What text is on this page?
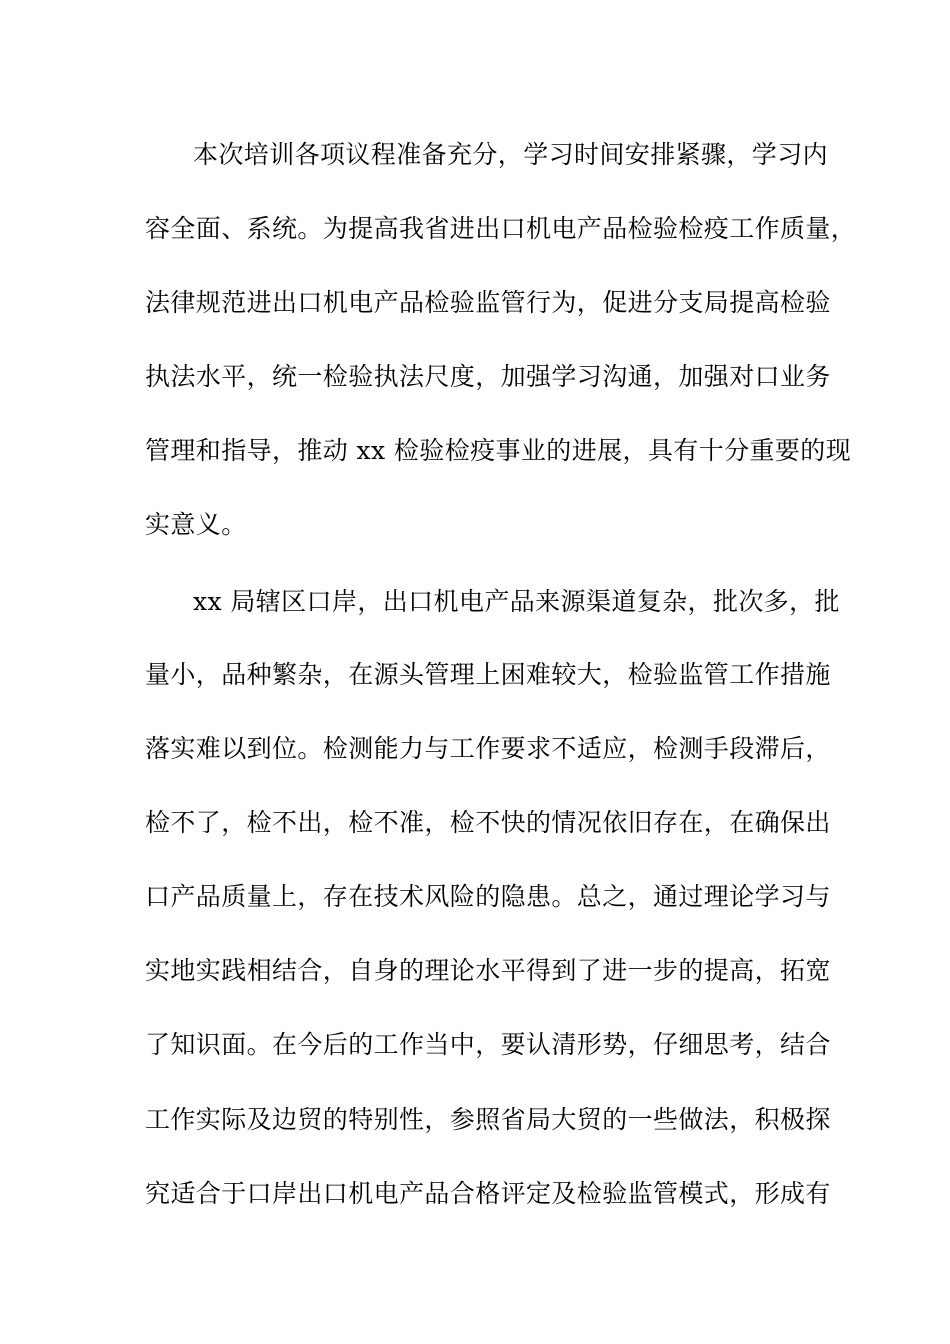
本次培训各项议程准备充分，学习时间安排紧骤，学习内
容全面、系统。为提高我省进出口机电产品检验检疫工作质量，
法律规范进出口机电产品检验监管行为，促进分支局提高检验
执法水平，统一检验执法尺度，加强学习沟通，加强对口业务
管理和指导，推动 xx 检验检疫事业的进展，具有十分重要的现
实意义。
xx 局辖区口岸，出口机电产品来源渠道复杂，批次多，批
量小，品种繁杂，在源头管理上困难较大，检验监管工作措施
落实难以到位。检测能力与工作要求不适应，检测手段滞后，
检不了，检不出，检不准，检不快的情况依旧存在，在确保出
口产品质量上，存在技术风险的隐患。总之，通过理论学习与
实地实践相结合，自身的理论水平得到了进一步的提高，拓宽
了知识面。在今后的工作当中，要认清形势，仔细思考，结合
工作实际及边贸的特别性，参照省局大贸的一些做法，积极探
究适合于口岸出口机电产品合格评定及检验监管模式，形成有
